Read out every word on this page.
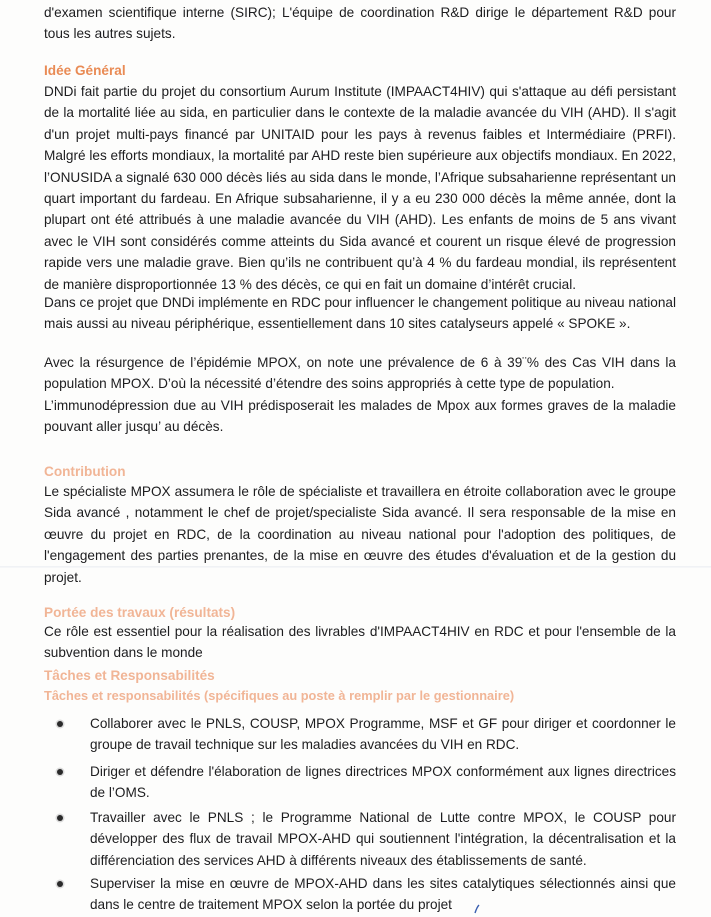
d'examen scientifique interne (SIRC); L'équipe de coordination R&D dirige le département R&D pour tous les autres sujets.

Idée Général

DNDi fait partie du projet du consortium Aurum Institute (IMPAACT4HIV) qui s'attaque au défi persistant de la mortalité liée au sida, en particulier dans le contexte de la maladie avancée du VIH (AHD). Il s'agit d'un projet multi-pays financé par UNITAID pour les pays à revenus faibles et Intermédiaire (PRFI). Malgré les efforts mondiaux, la mortalité par AHD reste bien supérieure aux objectifs mondiaux. En 2022, l’ONUSIDA a signalé 630 000 décès liés au sida dans le monde, l’Afrique subsaharienne représentant un quart important du fardeau. En Afrique subsaharienne, il y a eu 230 000 décès la même année, dont la plupart ont été attribués à une maladie avancée du VIH (AHD). Les enfants de moins de 5 ans vivant avec le VIH sont considérés comme atteints du Sida avancé et courent un risque élevé de progression rapide vers une maladie grave. Bien qu’ils ne contribuent qu’à 4 % du fardeau mondial, ils représentent de manière disproportionnée 13 % des décès, ce qui en fait un domaine d’intérêt crucial.

Dans ce projet que DNDi implémente en RDC pour influencer le changement politique au niveau national mais aussi au niveau périphérique, essentiellement dans 10 sites catalyseurs appelé « SPOKE ».

Avec la résurgence de l’épidémie MPOX, on note une prévalence de 6 à 39¨% des Cas VIH dans la population MPOX. D’où la nécessité d’étendre des soins appropriés à cette type de population.

L’immunodépression due au VIH prédisposerait les malades de Mpox aux formes graves de la maladie pouvant aller jusqu’ au décès.

Contribution

Le spécialiste MPOX assumera le rôle de spécialiste et travaillera en étroite collaboration avec le groupe Sida avancé , notamment le chef de projet/specialiste Sida avancé. Il sera responsable de la mise en œuvre du projet en RDC, de la coordination au niveau national pour l'adoption des politiques, de l'engagement des parties prenantes, de la mise en œuvre des études d'évaluation et de la gestion du projet.

Portée des travaux (résultats)

Ce rôle est essentiel pour la réalisation des livrables d'IMPAACT4HIV en RDC et pour l'ensemble de la subvention dans le monde

Tâches et Responsabilités
Tâches et responsabilités (spécifiques au poste à remplir par le gestionnaire)

Collaborer avec le PNLS, COUSP, MPOX Programme, MSF et GF pour diriger et coordonner le groupe de travail technique sur les maladies avancées du VIH en RDC.

Diriger et défendre l'élaboration de lignes directrices MPOX conformément aux lignes directrices de l’OMS.

Travailler avec le PNLS ; le Programme National de Lutte contre MPOX, le COUSP pour développer des flux de travail MPOX-AHD qui soutiennent l'intégration, la décentralisation et la différenciation des services AHD à différents niveaux des établissements de santé.

Superviser la mise en œuvre de MPOX-AHD dans les sites catalytiques sélectionnés ainsi que dans le centre de traitement MPOX selon la portée du projet
